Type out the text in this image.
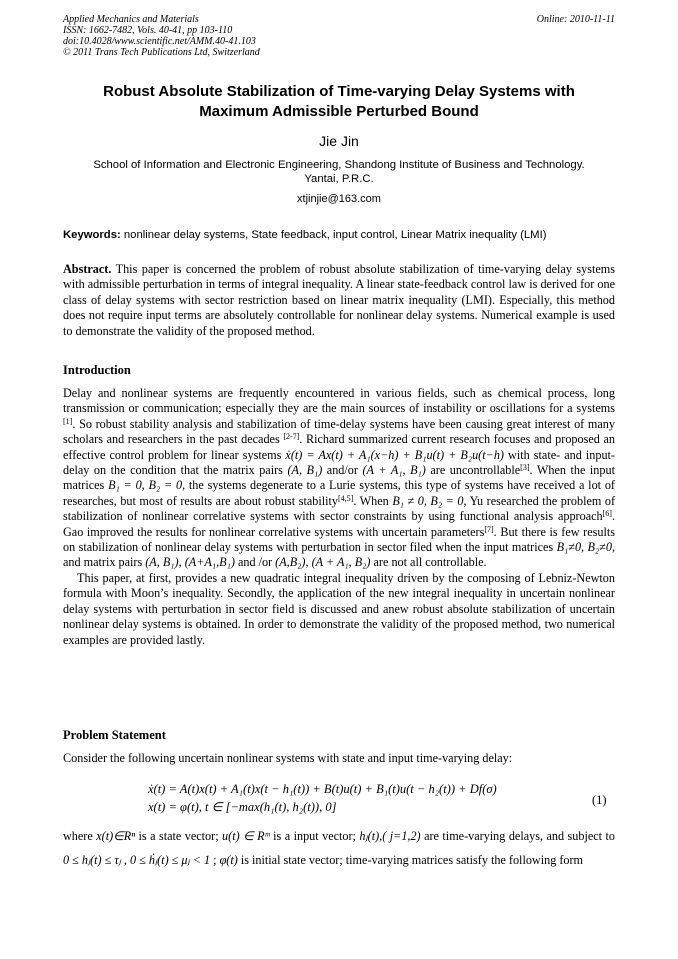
Applied Mechanics and Materials
ISSN: 1662-7482, Vols. 40-41, pp 103-110
doi:10.4028/www.scientific.net/AMM.40-41.103
© 2011 Trans Tech Publications Ltd, Switzerland
Online: 2010-11-11
Robust Absolute Stabilization of Time-varying Delay Systems with
Maximum Admissible Perturbed Bound
Jie Jin
School of Information and Electronic Engineering, Shandong Institute of Business and Technology.
Yantai, P.R.C.
xtjinjie@163.com
Keywords: nonlinear delay systems, State feedback, input control, Linear Matrix inequality (LMI)

Abstract. This paper is concerned the problem of robust absolute stabilization of time-varying delay systems with admissible perturbation in terms of integral inequality. A linear state-feedback control law is derived for one class of delay systems with sector restriction based on linear matrix inequality (LMI). Especially, this method does not require input terms are absolutely controllable for nonlinear delay systems. Numerical example is used to demonstrate the validity of the proposed method.

Introduction

Delay and nonlinear systems are frequently encountered in various fields, such as chemical process, long transmission or communication; especially they are the main sources of instability or oscillations for a systems [1]. So robust stability analysis and stabilization of time-delay systems have been causing great interest of many scholars and researchers in the past decades [2-7]. Richard summarized current research focuses and proposed an effective control problem for linear systems ẋ(t) = Ax(t) + A₁(x−h) + B₁u(t) + B₂u(t−h) with state- and input-delay on the condition that the matrix pairs (A, B₁) and/or (A + A₁, B₁) are uncontrollable[3]. When the input matrices B₁ = 0, B₂ = 0, the systems degenerate to a Lurie systems, this type of systems have received a lot of researches, but most of results are about robust stability[4,5]. When B₁ ≠ 0, B₂ = 0, Yu researched the problem of stabilization of nonlinear correlative systems with sector constraints by using functional analysis approach[6]. Gao improved the results for nonlinear correlative systems with uncertain parameters[7]. But there is few results on stabilization of nonlinear delay systems with perturbation in sector filed when the input matrices B₁≠0, B₂≠0, and matrix pairs (A, B₁), (A+A₁,B₁) and /or (A,B₂), (A + A₁, B₂) are not all controllable.

This paper, at first, provides a new quadratic integral inequality driven by the composing of Lebniz-Newton formula with Moon’s inequality. Secondly, the application of the new integral inequality in uncertain nonlinear delay systems with perturbation in sector field is discussed and anew robust absolute stabilization of uncertain nonlinear delay systems is obtained. In order to demonstrate the validity of the proposed method, two numerical examples are provided lastly.

Problem Statement

Consider the following uncertain nonlinear systems with state and input time-varying delay:

ẋ(t) = A(t)x(t) + A₁(t)x(t − h₁(t)) + B(t)u(t) + B₁(t)u(t − h₂(t)) + Df(σ)
x(t) = φ(t), t ∈ [−max(h₁(t), h₂(t)), 0]	(1)

where x(t)∈Rⁿ is a state vector; u(t) ∈ Rᵐ is a input vector; hⱼ(t),( j=1,2) are time-varying delays, and subject to 0 ≤ hⱼ(t) ≤ τⱼ , 0 ≤ ḣⱼ(t) ≤ μⱼ < 1 ; φ(t) is initial state vector; time-varying matrices satisfy the following form
